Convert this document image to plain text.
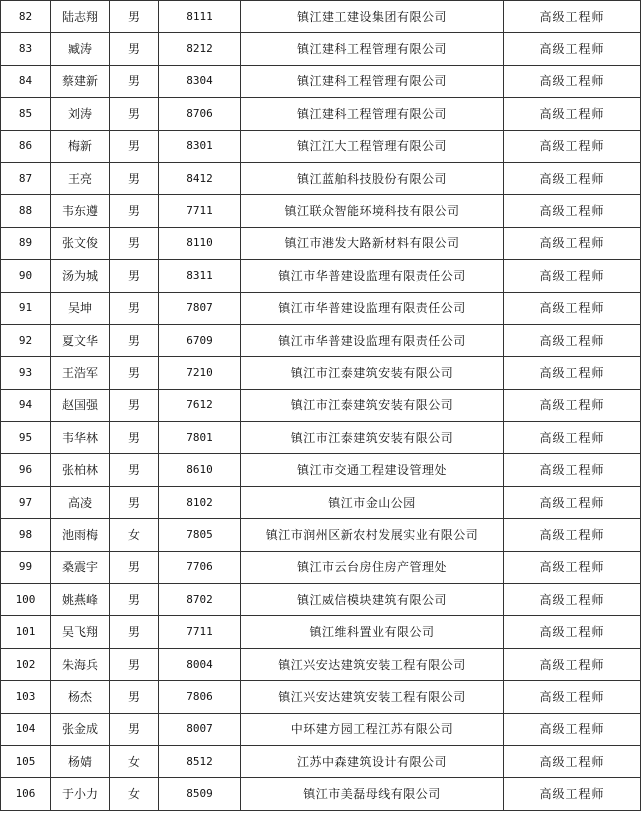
82	陆志翔	男	8111	镇江建工建设集团有限公司	高级工程师
83	臧涛	男	8212	镇江建科工程管理有限公司	高级工程师
84	蔡建新	男	8304	镇江建科工程管理有限公司	高级工程师
85	刘涛	男	8706	镇江建科工程管理有限公司	高级工程师
86	梅新	男	8301	镇江江大工程管理有限公司	高级工程师
87	王亮	男	8412	镇江蓝舶科技股份有限公司	高级工程师
88	韦东遵	男	7711	镇江联众智能环境科技有限公司	高级工程师
89	张文俊	男	8110	镇江市港发大路新材料有限公司	高级工程师
90	汤为城	男	8311	镇江市华普建设监理有限责任公司	高级工程师
91	吴坤	男	7807	镇江市华普建设监理有限责任公司	高级工程师
92	夏文华	男	6709	镇江市华普建设监理有限责任公司	高级工程师
93	王浩军	男	7210	镇江市江泰建筑安装有限公司	高级工程师
94	赵国强	男	7612	镇江市江泰建筑安装有限公司	高级工程师
95	韦华林	男	7801	镇江市江泰建筑安装有限公司	高级工程师
96	张柏林	男	8610	镇江市交通工程建设管理处	高级工程师
97	高凌	男	8102	镇江市金山公园	高级工程师
98	池雨梅	女	7805	镇江市润州区新农村发展实业有限公司	高级工程师
99	桑震宇	男	7706	镇江市云台房住房产管理处	高级工程师
100	姚燕峰	男	8702	镇江威信模块建筑有限公司	高级工程师
101	吴飞翔	男	7711	镇江维科置业有限公司	高级工程师
102	朱海兵	男	8004	镇江兴安达建筑安装工程有限公司	高级工程师
103	杨杰	男	7806	镇江兴安达建筑安装工程有限公司	高级工程师
104	张金成	男	8007	中环建方园工程江苏有限公司	高级工程师
105	杨婧	女	8512	江苏中森建筑设计有限公司	高级工程师
106	于小力	女	8509	镇江市美磊母线有限公司	高级工程师
